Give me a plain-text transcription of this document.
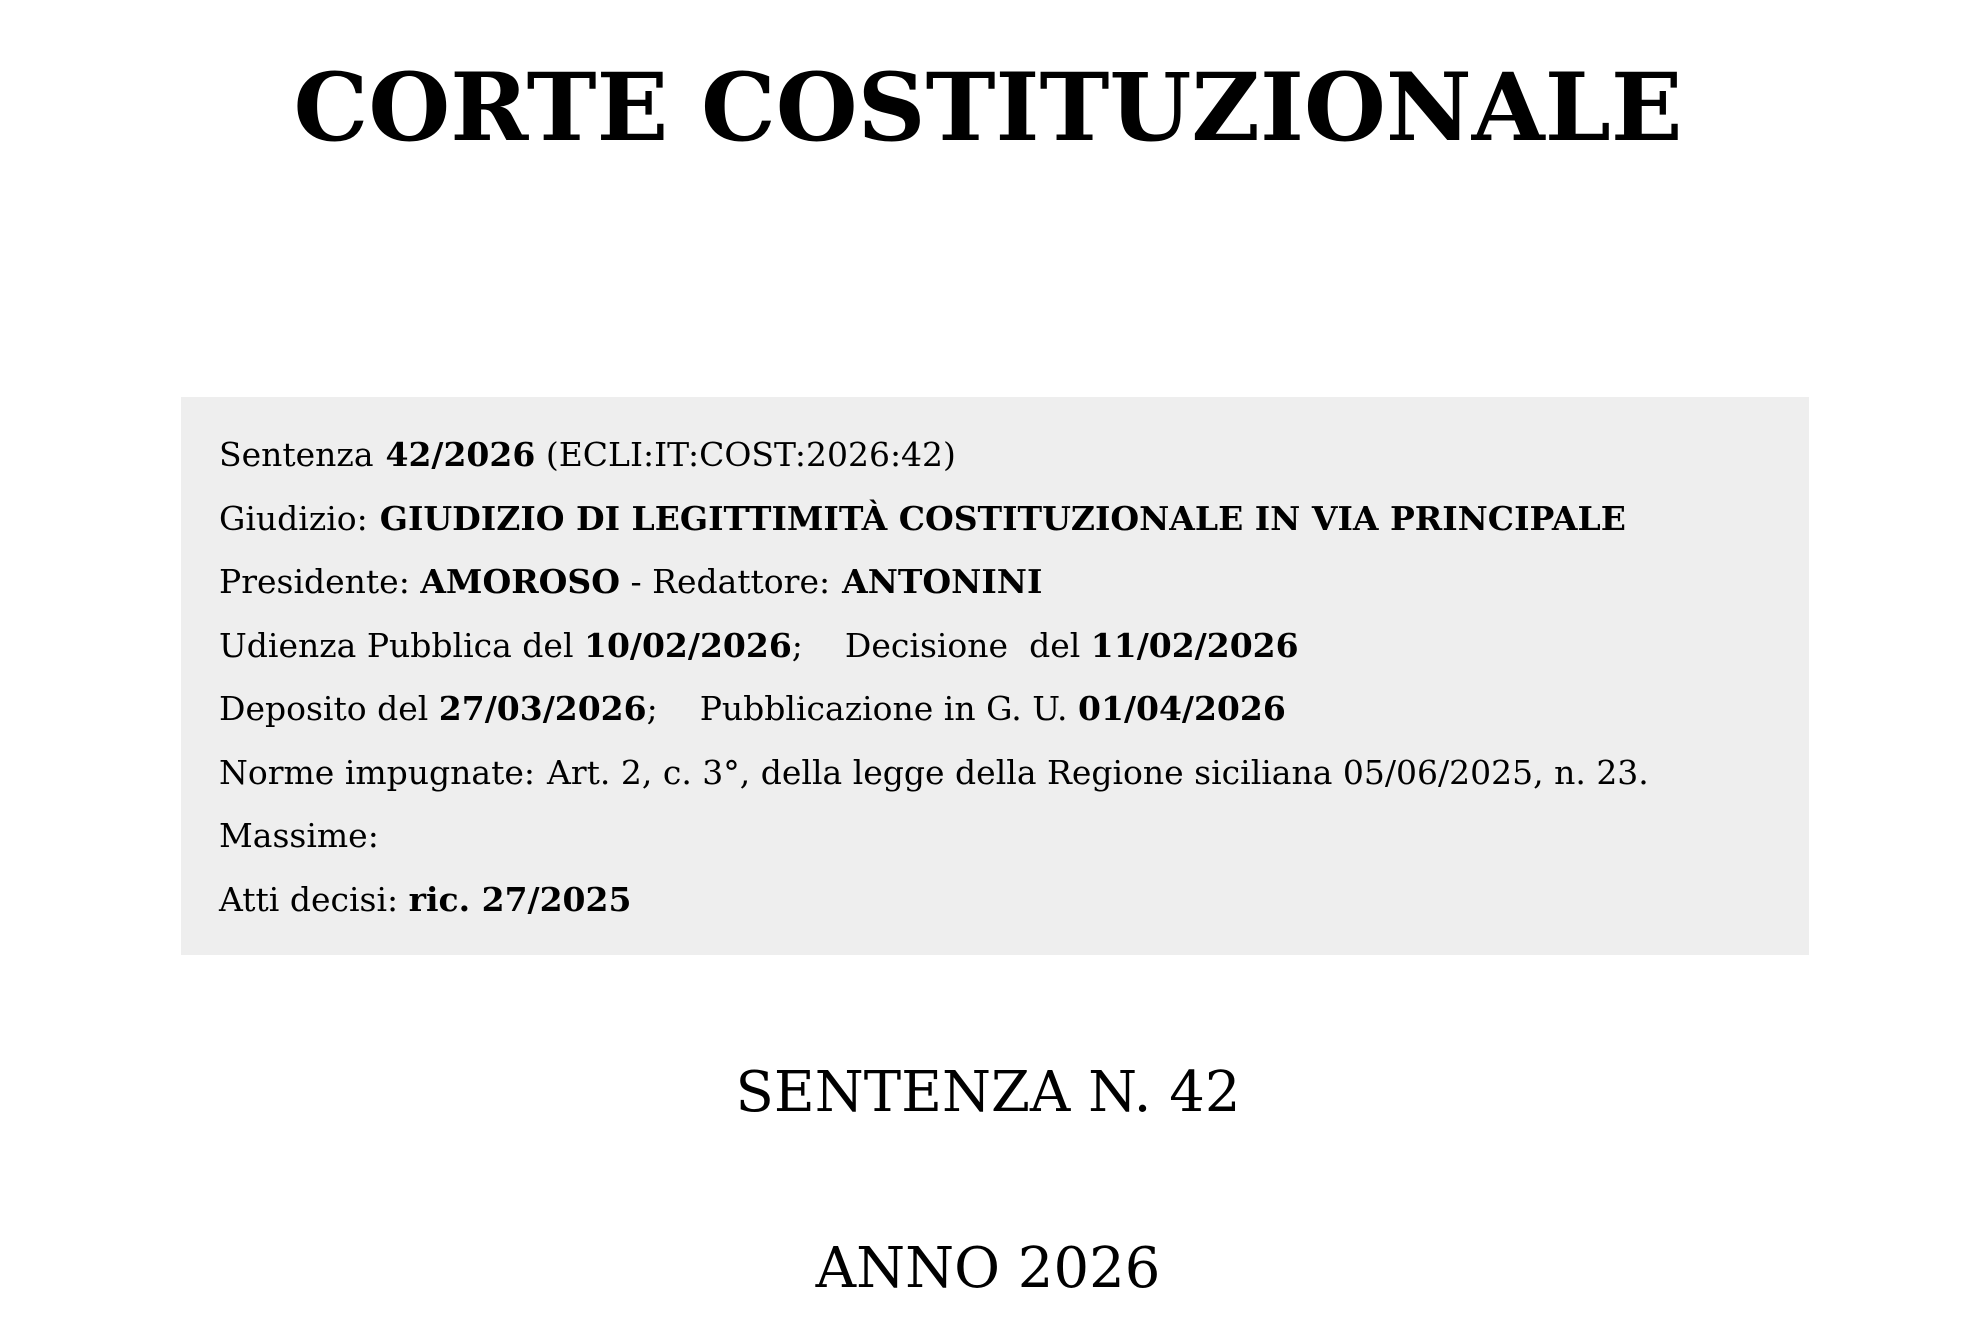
CORTE COSTITUZIONALE
Sentenza 42/2026 (ECLI:IT:COST:2026:42)
Giudizio: GIUDIZIO DI LEGITTIMITÀ COSTITUZIONALE IN VIA PRINCIPALE
Presidente: AMOROSO - Redattore: ANTONINI
Udienza Pubblica del 10/02/2026; Decisione  del 11/02/2026
Deposito del 27/03/2026; Pubblicazione in G. U. 01/04/2026
Norme impugnate: Art. 2, c. 3°, della legge della Regione siciliana 05/06/2025, n. 23.
Massime:
Atti decisi: ric. 27/2025
SENTENZA N. 42
ANNO 2026
